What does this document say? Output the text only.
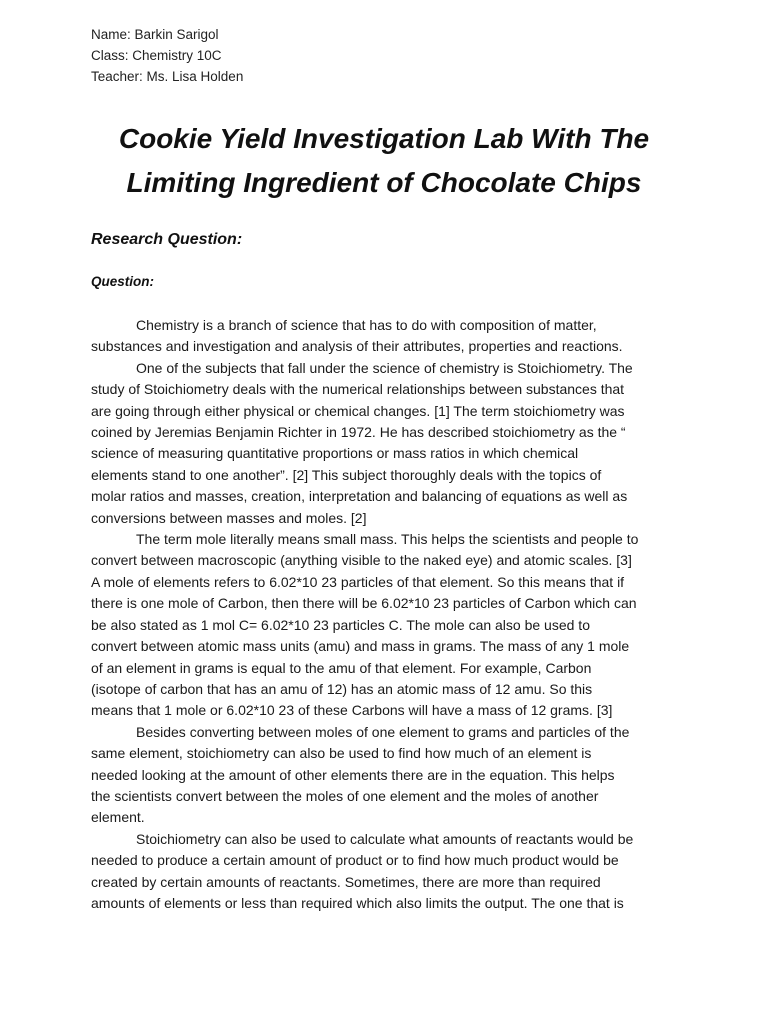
Name: Barkin Sarigol
Class: Chemistry 10C
Teacher: Ms. Lisa Holden
Cookie Yield Investigation Lab With The
Limiting Ingredient of Chocolate Chips
Research Question:
Question:
Chemistry is a branch of science that has to do with composition of matter,
substances and investigation and analysis of their attributes, properties and reactions.
One of the subjects that fall under the science of chemistry is Stoichiometry. The
study of Stoichiometry deals with the numerical relationships between substances that
are going through either physical or chemical changes. [1] The term stoichiometry was
coined by Jeremias Benjamin Richter in 1972. He has described stoichiometry as the “
science of measuring quantitative proportions or mass ratios in which chemical
elements stand to one another”. [2] This subject thoroughly deals with the topics of
molar ratios and masses, creation, interpretation and balancing of equations as well as
conversions between masses and moles. [2]
The term mole literally means small mass. This helps the scientists and people to
convert between macroscopic (anything visible to the naked eye) and atomic scales. [3]
A mole of elements refers to 6.02*10 23 particles of that element. So this means that if
there is one mole of Carbon, then there will be 6.02*10 23 particles of Carbon which can
be also stated as 1 mol C= 6.02*10 23 particles C. The mole can also be used to
convert between atomic mass units (amu) and mass in grams. The mass of any 1 mole
of an element in grams is equal to the amu of that element. For example, Carbon
(isotope of carbon that has an amu of 12) has an atomic mass of 12 amu. So this
means that 1 mole or 6.02*10 23 of these Carbons will have a mass of 12 grams. [3]
Besides converting between moles of one element to grams and particles of the
same element, stoichiometry can also be used to find how much of an element is
needed looking at the amount of other elements there are in the equation. This helps
the scientists convert between the moles of one element and the moles of another
element.
Stoichiometry can also be used to calculate what amounts of reactants would be
needed to produce a certain amount of product or to find how much product would be
created by certain amounts of reactants. Sometimes, there are more than required
amounts of elements or less than required which also limits the output. The one that is
